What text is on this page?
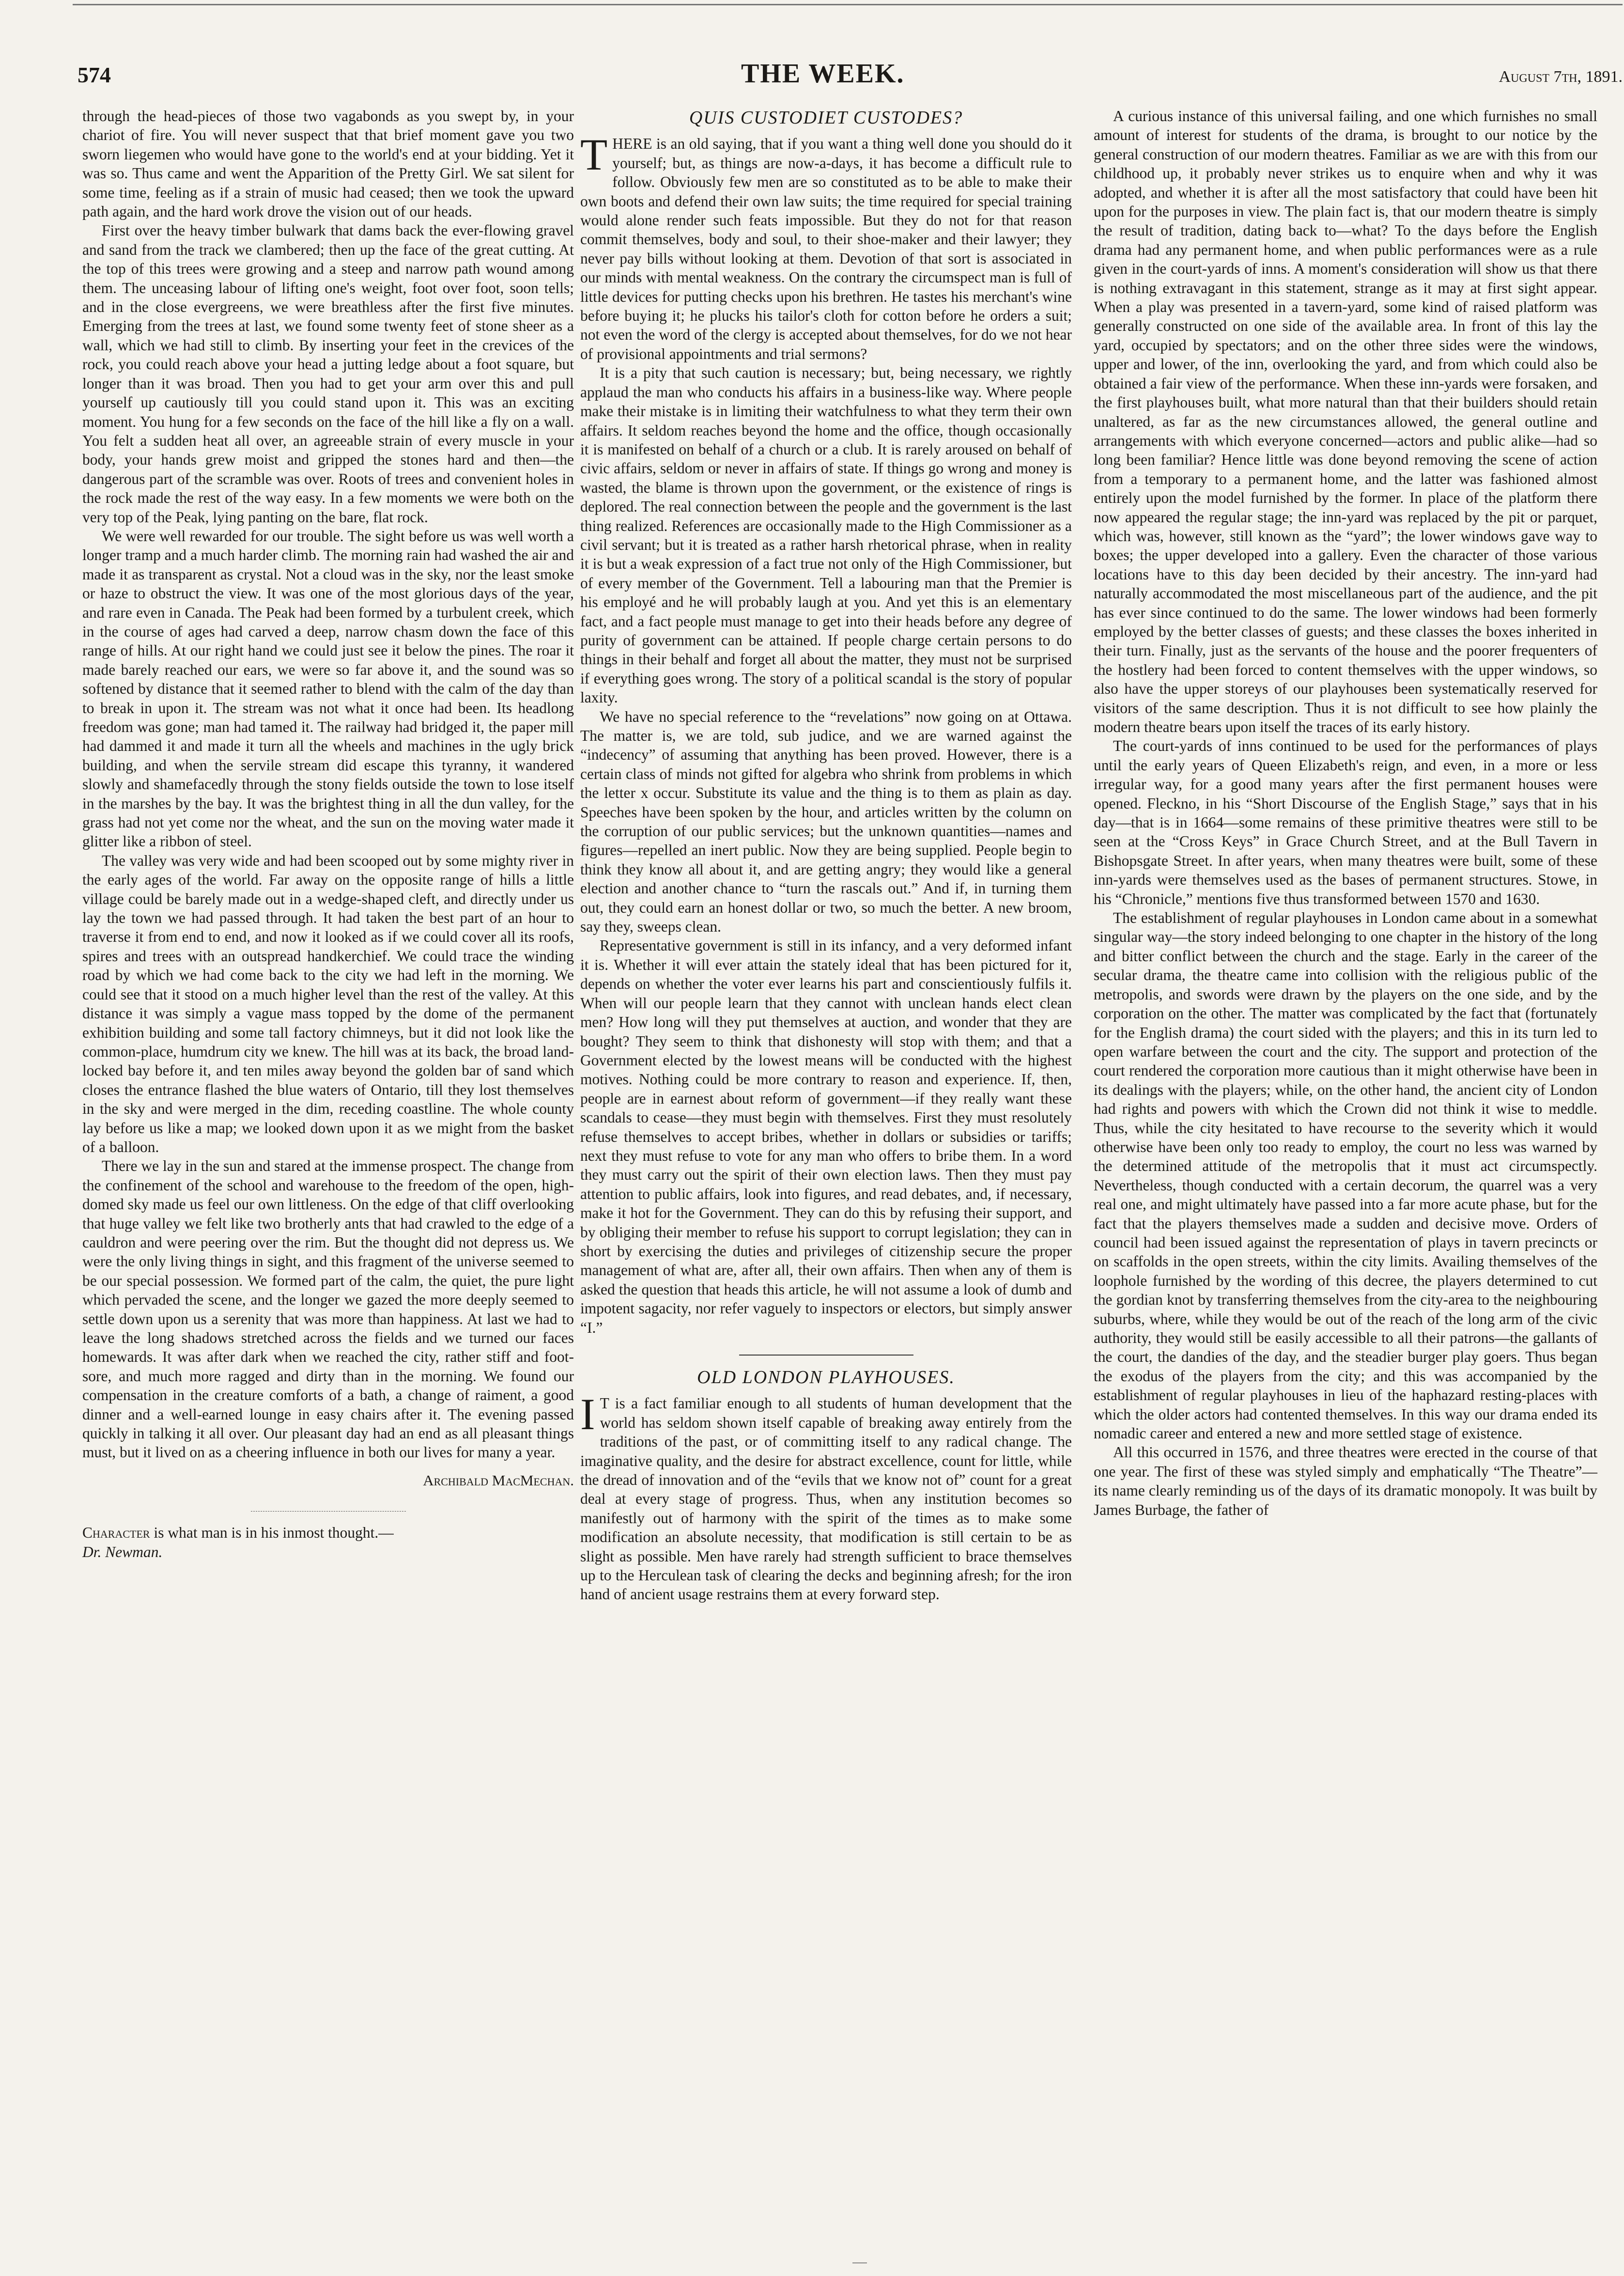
574	THE WEEK.	August 7th, 1891.

through the head-pieces of those two vagabonds as you swept by, in your chariot of fire. You will never suspect that that brief moment gave you two sworn liegemen who would have gone to the world's end at your bidding. Yet it was so. Thus came and went the Apparition of the Pretty Girl. We sat silent for some time, feeling as if a strain of music had ceased; then we took the upward path again, and the hard work drove the vision out of our heads.

First over the heavy timber bulwark that dams back the ever-flowing gravel and sand from the track we clambered; then up the face of the great cutting. At the top of this trees were growing and a steep and narrow path wound among them. The unceasing labour of lifting one's weight, foot over foot, soon tells; and in the close evergreens, we were breathless after the first five minutes. Emerging from the trees at last, we found some twenty feet of stone sheer as a wall, which we had still to climb. By inserting your feet in the crevices of the rock, you could reach above your head a jutting ledge about a foot square, but longer than it was broad. Then you had to get your arm over this and pull yourself up cautiously till you could stand upon it. This was an exciting moment. You hung for a few seconds on the face of the hill like a fly on a wall. You felt a sudden heat all over, an agreeable strain of every muscle in your body, your hands grew moist and gripped the stones hard and then—the dangerous part of the scramble was over. Roots of trees and convenient holes in the rock made the rest of the way easy. In a few moments we were both on the very top of the Peak, lying panting on the bare, flat rock.

We were well rewarded for our trouble. The sight before us was well worth a longer tramp and a much harder climb. The morning rain had washed the air and made it as transparent as crystal. Not a cloud was in the sky, nor the least smoke or haze to obstruct the view. It was one of the most glorious days of the year, and rare even in Canada. The Peak had been formed by a turbulent creek, which in the course of ages had carved a deep, narrow chasm down the face of this range of hills. At our right hand we could just see it below the pines. The roar it made barely reached our ears, we were so far above it, and the sound was so softened by distance that it seemed rather to blend with the calm of the day than to break in upon it. The stream was not what it once had been. Its headlong freedom was gone; man had tamed it. The railway had bridged it, the paper mill had dammed it and made it turn all the wheels and machines in the ugly brick building, and when the servile stream did escape this tyranny, it wandered slowly and shamefacedly through the stony fields outside the town to lose itself in the marshes by the bay. It was the brightest thing in all the dun valley, for the grass had not yet come nor the wheat, and the sun on the moving water made it glitter like a ribbon of steel.

The valley was very wide and had been scooped out by some mighty river in the early ages of the world. Far away on the opposite range of hills a little village could be barely made out in a wedge-shaped cleft, and directly under us lay the town we had passed through. It had taken the best part of an hour to traverse it from end to end, and now it looked as if we could cover all its roofs, spires and trees with an outspread handkerchief. We could trace the winding road by which we had come back to the city we had left in the morning. We could see that it stood on a much higher level than the rest of the valley. At this distance it was simply a vague mass topped by the dome of the permanent exhibition building and some tall factory chimneys, but it did not look like the common-place, humdrum city we knew. The hill was at its back, the broad land-locked bay before it, and ten miles away beyond the golden bar of sand which closes the entrance flashed the blue waters of Ontario, till they lost themselves in the sky and were merged in the dim, receding coastline. The whole county lay before us like a map; we looked down upon it as we might from the basket of a balloon.

There we lay in the sun and stared at the immense prospect. The change from the confinement of the school and warehouse to the freedom of the open, high-domed sky made us feel our own littleness. On the edge of that cliff overlooking that huge valley we felt like two brotherly ants that had crawled to the edge of a cauldron and were peering over the rim. But the thought did not depress us. We were the only living things in sight, and this fragment of the universe seemed to be our special possession. We formed part of the calm, the quiet, the pure light which pervaded the scene, and the longer we gazed the more deeply seemed to settle down upon us a serenity that was more than happiness. At last we had to leave the long shadows stretched across the fields and we turned our faces homewards. It was after dark when we reached the city, rather stiff and foot-sore, and much more ragged and dirty than in the morning. We found our compensation in the creature comforts of a bath, a change of raiment, a good dinner and a well-earned lounge in easy chairs after it. The evening passed quickly in talking it all over. Our pleasant day had an end as all pleasant things must, but it lived on as a cheering influence in both our lives for many a year.

Archibald MacMechan.

Character is what man is in his inmost thought.—
Dr. Newman.

QUIS CUSTODIET CUSTODES?

THERE is an old saying, that if you want a thing well done you should do it yourself; but, as things are now-a-days, it has become a difficult rule to follow. Obviously few men are so constituted as to be able to make their own boots and defend their own law suits; the time required for special training would alone render such feats impossible. But they do not for that reason commit themselves, body and soul, to their shoe-maker and their lawyer; they never pay bills without looking at them. Devotion of that sort is associated in our minds with mental weakness. On the contrary the circumspect man is full of little devices for putting checks upon his brethren. He tastes his merchant's wine before buying it; he plucks his tailor's cloth for cotton before he orders a suit; not even the word of the clergy is accepted about themselves, for do we not hear of provisional appointments and trial sermons?

It is a pity that such caution is necessary; but, being necessary, we rightly applaud the man who conducts his affairs in a business-like way. Where people make their mistake is in limiting their watchfulness to what they term their own affairs. It seldom reaches beyond the home and the office, though occasionally it is manifested on behalf of a church or a club. It is rarely aroused on behalf of civic affairs, seldom or never in affairs of state. If things go wrong and money is wasted, the blame is thrown upon the government, or the existence of rings is deplored. The real connection between the people and the government is the last thing realized. References are occasionally made to the High Commissioner as a civil servant; but it is treated as a rather harsh rhetorical phrase, when in reality it is but a weak expression of a fact true not only of the High Commissioner, but of every member of the Government. Tell a labouring man that the Premier is his employé and he will probably laugh at you. And yet this is an elementary fact, and a fact people must manage to get into their heads before any degree of purity of government can be attained. If people charge certain persons to do things in their behalf and forget all about the matter, they must not be surprised if everything goes wrong. The story of a political scandal is the story of popular laxity.

We have no special reference to the “revelations” now going on at Ottawa. The matter is, we are told, sub judice, and we are warned against the “indecency” of assuming that anything has been proved. However, there is a certain class of minds not gifted for algebra who shrink from problems in which the letter x occur. Substitute its value and the thing is to them as plain as day. Speeches have been spoken by the hour, and articles written by the column on the corruption of our public services; but the unknown quantities—names and figures—repelled an inert public. Now they are being supplied. People begin to think they know all about it, and are getting angry; they would like a general election and another chance to “turn the rascals out.” And if, in turning them out, they could earn an honest dollar or two, so much the better. A new broom, say they, sweeps clean.

Representative government is still in its infancy, and a very deformed infant it is. Whether it will ever attain the stately ideal that has been pictured for it, depends on whether the voter ever learns his part and conscientiously fulfils it. When will our people learn that they cannot with unclean hands elect clean men? How long will they put themselves at auction, and wonder that they are bought? They seem to think that dishonesty will stop with them; and that a Government elected by the lowest means will be conducted with the highest motives. Nothing could be more contrary to reason and experience. If, then, people are in earnest about reform of government—if they really want these scandals to cease—they must begin with themselves. First they must resolutely refuse themselves to accept bribes, whether in dollars or subsidies or tariffs; next they must refuse to vote for any man who offers to bribe them. In a word they must carry out the spirit of their own election laws. Then they must pay attention to public affairs, look into figures, and read debates, and, if necessary, make it hot for the Government. They can do this by refusing their support, and by obliging their member to refuse his support to corrupt legislation; they can in short by exercising the duties and privileges of citizenship secure the proper management of what are, after all, their own affairs. Then when any of them is asked the question that heads this article, he will not assume a look of dumb and impotent sagacity, nor refer vaguely to inspectors or electors, but simply answer “I.”

OLD LONDON PLAYHOUSES.

I T is a fact familiar enough to all students of human development that the world has seldom shown itself capable of breaking away entirely from the traditions of the past, or of committing itself to any radical change. The imaginative quality, and the desire for abstract excellence, count for little, while the dread of innovation and of the “evils that we know not of” count for a great deal at every stage of progress. Thus, when any institution becomes so manifestly out of harmony with the spirit of the times as to make some modification an absolute necessity, that modification is still certain to be as slight as possible. Men have rarely had strength sufficient to brace themselves up to the Herculean task of clearing the decks and beginning afresh; for the iron hand of ancient usage restrains them at every forward step.

A curious instance of this universal failing, and one which furnishes no small amount of interest for students of the drama, is brought to our notice by the general construction of our modern theatres. Familiar as we are with this from our childhood up, it probably never strikes us to enquire when and why it was adopted, and whether it is after all the most satisfactory that could have been hit upon for the purposes in view. The plain fact is, that our modern theatre is simply the result of tradition, dating back to—what? To the days before the English drama had any permanent home, and when public performances were as a rule given in the court-yards of inns. A moment's consideration will show us that there is nothing extravagant in this statement, strange as it may at first sight appear. When a play was presented in a tavern-yard, some kind of raised platform was generally constructed on one side of the available area. In front of this lay the yard, occupied by spectators; and on the other three sides were the windows, upper and lower, of the inn, overlooking the yard, and from which could also be obtained a fair view of the performance. When these inn-yards were forsaken, and the first playhouses built, what more natural than that their builders should retain unaltered, as far as the new circumstances allowed, the general outline and arrangements with which everyone concerned—actors and public alike—had so long been familiar? Hence little was done beyond removing the scene of action from a temporary to a permanent home, and the latter was fashioned almost entirely upon the model furnished by the former. In place of the platform there now appeared the regular stage; the inn-yard was replaced by the pit or parquet, which was, however, still known as the “yard”; the lower windows gave way to boxes; the upper developed into a gallery. Even the character of those various locations have to this day been decided by their ancestry. The inn-yard had naturally accommodated the most miscellaneous part of the audience, and the pit has ever since continued to do the same. The lower windows had been formerly employed by the better classes of guests; and these classes the boxes inherited in their turn. Finally, just as the servants of the house and the poorer frequenters of the hostlery had been forced to content themselves with the upper windows, so also have the upper storeys of our playhouses been systematically reserved for visitors of the same description. Thus it is not difficult to see how plainly the modern theatre bears upon itself the traces of its early history.

The court-yards of inns continued to be used for the performances of plays until the early years of Queen Elizabeth's reign, and even, in a more or less irregular way, for a good many years after the first permanent houses were opened. Fleckno, in his “Short Discourse of the English Stage,” says that in his day—that is in 1664—some remains of these primitive theatres were still to be seen at the “Cross Keys” in Grace Church Street, and at the Bull Tavern in Bishopsgate Street. In after years, when many theatres were built, some of these inn-yards were themselves used as the bases of permanent structures. Stowe, in his “Chronicle,” mentions five thus transformed between 1570 and 1630.

The establishment of regular playhouses in London came about in a somewhat singular way—the story indeed belonging to one chapter in the history of the long and bitter conflict between the church and the stage. Early in the career of the secular drama, the theatre came into collision with the religious public of the metropolis, and swords were drawn by the players on the one side, and by the corporation on the other. The matter was complicated by the fact that (fortunately for the English drama) the court sided with the players; and this in its turn led to open warfare between the court and the city. The support and protection of the court rendered the corporation more cautious than it might otherwise have been in its dealings with the players; while, on the other hand, the ancient city of London had rights and powers with which the Crown did not think it wise to meddle. Thus, while the city hesitated to have recourse to the severity which it would otherwise have been only too ready to employ, the court no less was warned by the determined attitude of the metropolis that it must act circumspectly. Nevertheless, though conducted with a certain decorum, the quarrel was a very real one, and might ultimately have passed into a far more acute phase, but for the fact that the players themselves made a sudden and decisive move. Orders of council had been issued against the representation of plays in tavern precincts or on scaffolds in the open streets, within the city limits. Availing themselves of the loophole furnished by the wording of this decree, the players determined to cut the gordian knot by transferring themselves from the city-area to the neighbouring suburbs, where, while they would be out of the reach of the long arm of the civic authority, they would still be easily accessible to all their patrons—the gallants of the court, the dandies of the day, and the steadier burger play goers. Thus began the exodus of the players from the city; and this was accompanied by the establishment of regular playhouses in lieu of the haphazard resting-places with which the older actors had contented themselves. In this way our drama ended its nomadic career and entered a new and more settled stage of existence.

All this occurred in 1576, and three theatres were erected in the course of that one year. The first of these was styled simply and emphatically “The Theatre”—its name clearly reminding us of the days of its dramatic monopoly. It was built by James Burbage, the father of
